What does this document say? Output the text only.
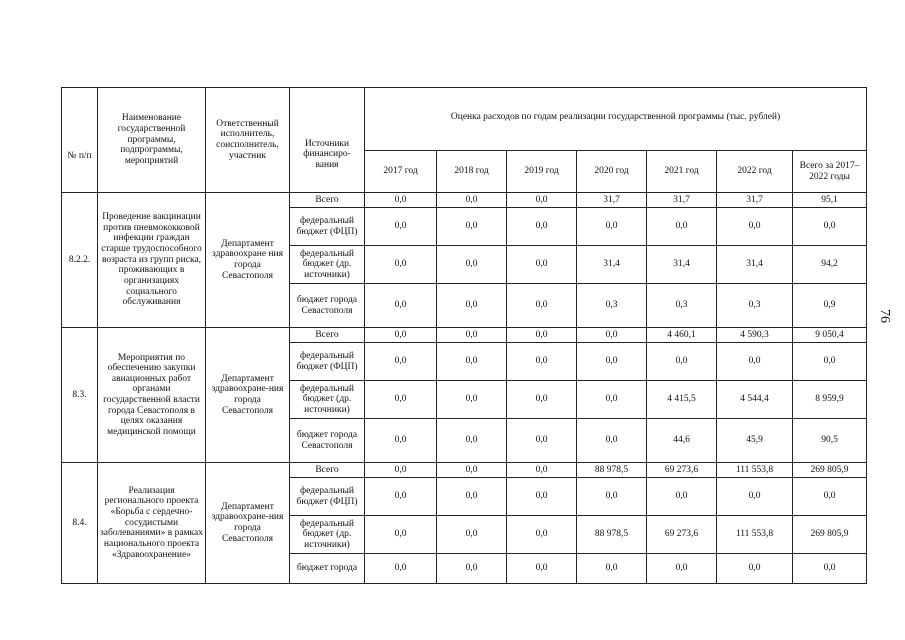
76
№ п/п	Наименование государственной программы, подпрограммы, мероприятий	Ответственный исполнитель, соисполнитель, участник	Источники финансиро-вания	Оценка расходов по годам реализации государственной программы (тыс. рублей)						
				2017 год	2018 год	2019 год	2020 год	2021 год	2022 год	Всего за 2017–2022 годы
8.2.2.	Проведение вакцинации против пневмококковой инфекции граждан старше трудоспособного возраста из групп риска, проживающих в организациях социального обслуживания	Департамент здравоохране ния города Севастополя	Всего	0,0	0,0	0,0	31,7	31,7	31,7	95,1
			федеральный бюджет (ФЦП)	0,0	0,0	0,0	0,0	0,0	0,0	0,0
			федеральный бюджет (др. источники)	0,0	0,0	0,0	31,4	31,4	31,4	94,2
			бюджет города Севастополя	0,0	0,0	0,0	0,3	0,3	0,3	0,9
8.3.	Мероприятия по обеспечению закупки авиационных работ органами государственной власти города Севастополя в целях оказания медицинской помощи	Департамент здравоохране-ния города Севастополя	Всего	0,0	0,0	0,0	0,0	4 460,1	4 590,3	9 050,4
			федеральный бюджет (ФЦП)	0,0	0,0	0,0	0,0	0,0	0,0	0,0
			федеральный бюджет (др. источники)	0,0	0,0	0,0	0,0	4 415,5	4 544,4	8 959,9
			бюджет города Севастополя	0,0	0,0	0,0	0,0	44,6	45,9	90,5
8.4.	Реализация регионального проекта «Борьба с сердечно-сосудистыми заболеваниями» в рамках национального проекта «Здравоохранение»	Департамент здравоохране-ния города Севастополя	Всего	0,0	0,0	0,0	88 978,5	69 273,6	111 553,8	269 805,9
			федеральный бюджет (ФЦП)	0,0	0,0	0,0	0,0	0,0	0,0	0,0
			федеральный бюджет (др. источники)	0,0	0,0	0,0	88 978,5	69 273,6	111 553,8	269 805,9
			бюджет города	0,0	0,0	0,0	0,0	0,0	0,0	0,0
